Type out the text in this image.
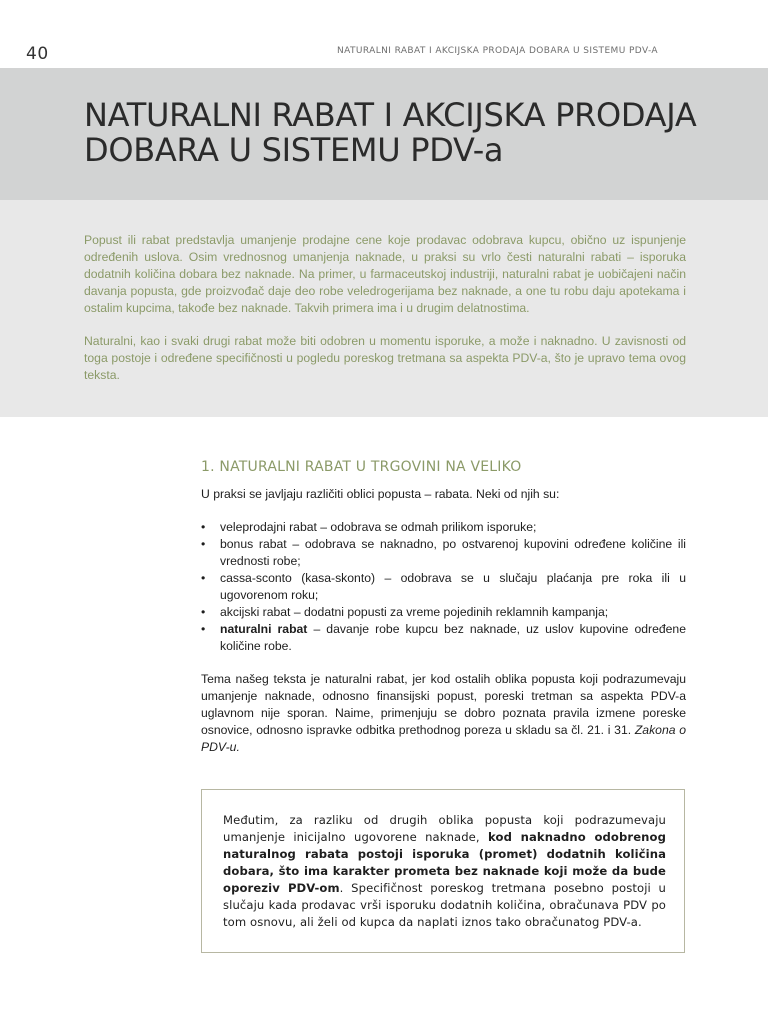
40	NATURALNI RABAT I AKCIJSKA PRODAJA DOBARA U SISTEMU PDV-A
NATURALNI RABAT I AKCIJSKA PRODAJA DOBARA U SISTEMU PDV-a

Popust ili rabat predstavlja umanjenje prodajne cene koje prodavac odobrava kupcu, obično uz ispunjenje određenih uslova. Osim vrednosnog umanjenja naknade, u praksi su vrlo česti naturalni rabati – isporuka dodatnih količina dobara bez naknade. Na primer, u farmaceutskoj industriji, naturalni rabat je uobičajeni način davanja popusta, gde proizvođač daje deo robe veledrogerijama bez naknade, a one tu robu daju apotekama i ostalim kupcima, takođe bez naknade. Takvih primera ima i u drugim delatnostima.

Naturalni, kao i svaki drugi rabat može biti odobren u momentu isporuke, a može i naknadno. U zavisnosti od toga postoje i određene specifičnosti u pogledu poreskog tretmana sa aspekta PDV-a, što je upravo tema ovog teksta.

1. NATURALNI RABAT U TRGOVINI NA VELIKO

U praksi se javljaju različiti oblici popusta – rabata. Neki od njih su:

• veleprodajni rabat – odobrava se odmah prilikom isporuke;
• bonus rabat – odobrava se naknadno, po ostvarenoj kupovini određene količine ili vrednosti robe;
• cassa-sconto (kasa-skonto) – odobrava se u slučaju plaćanja pre roka ili u ugovorenom roku;
• akcijski rabat – dodatni popusti za vreme pojedinih reklamnih kampanja;
• naturalni rabat – davanje robe kupcu bez naknade, uz uslov kupovine određene količine robe.

Tema našeg teksta je naturalni rabat, jer kod ostalih oblika popusta koji podrazumevaju umanjenje naknade, odnosno finansijski popust, poreski tretman sa aspekta PDV-a uglavnom nije sporan. Naime, primenjuju se dobro poznata pravila izmene poreske osnovice, odnosno ispravke odbitka prethodnog poreza u skladu sa čl. 21. i 31. Zakona o PDV-u.

Međutim, za razliku od drugih oblika popusta koji podrazumevaju umanjenje inicijalno ugovorene naknade, kod naknadno odobrenog naturalnog rabata postoji isporuka (promet) dodatnih količina dobara, što ima karakter prometa bez naknade koji može da bude oporeziv PDV-om. Specifičnost poreskog tretmana posebno postoji u slučaju kada prodavac vrši isporuku dodatnih količina, obračunava PDV po tom osnovu, ali želi od kupca da naplati iznos tako obračunatog PDV-a.
